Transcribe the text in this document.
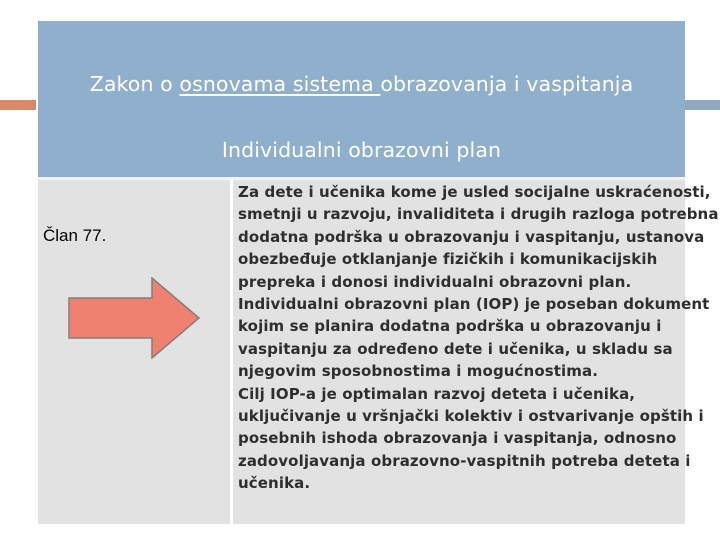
Zakon o osnovama sistema obrazovanja i vaspitanja
Individualni obrazovni plan
Član 77.
Za dete i učenika kome je usled socijalne uskraćenosti,
smetnji u razvoju, invaliditeta i drugih razloga potrebna
dodatna podrška u obrazovanju i vaspitanju, ustanova
obezbeđuje otklanjanje fizičkih i komunikacijskih
prepreka i donosi individualni obrazovni plan.
Individualni obrazovni plan (IOP) je poseban dokument
kojim se planira dodatna podrška u obrazovanju i
vaspitanju za određeno dete i učenika, u skladu sa
njegovim sposobnostima i mogućnostima.
Cilj IOP-a je optimalan razvoj deteta i učenika,
uključivanje u vršnjački kolektiv i ostvarivanje opštih i
posebnih ishoda obrazovanja i vaspitanja, odnosno
zadovoljavanja obrazovno-vaspitnih potreba deteta i
učenika.
